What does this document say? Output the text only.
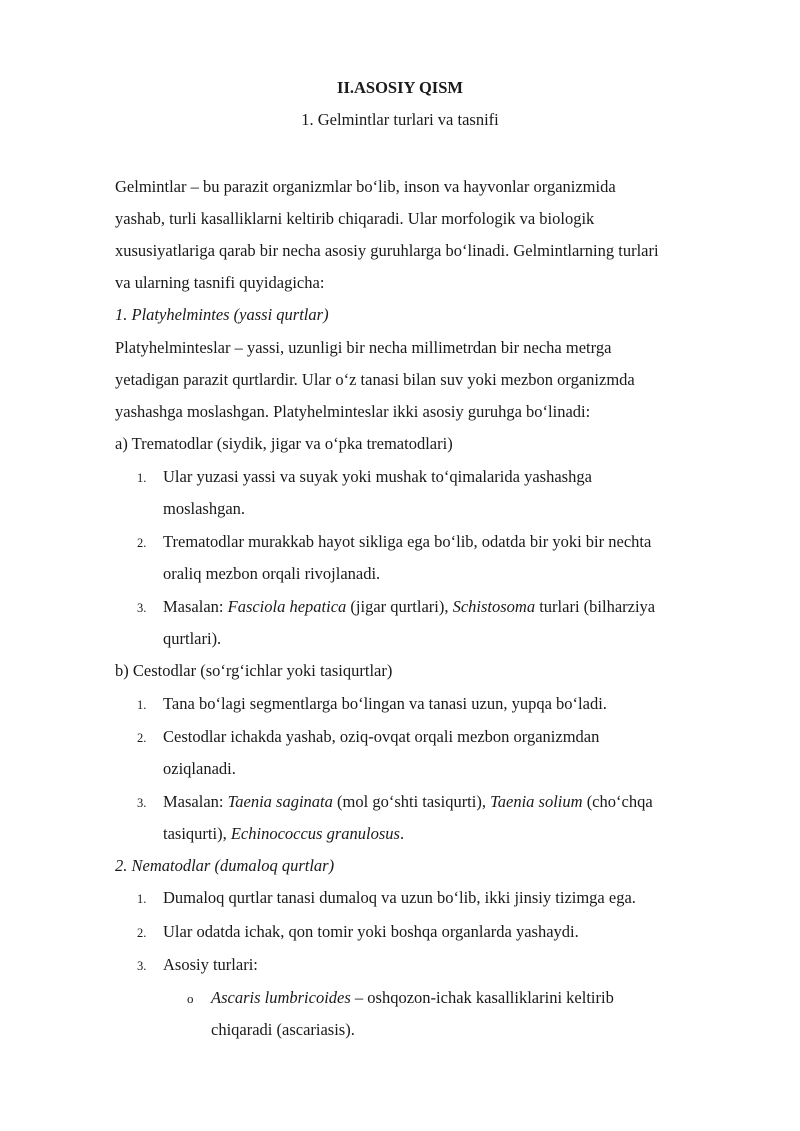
II.ASOSIY QISM
1. Gelmintlar turlari va tasnifi
Gelmintlar – bu parazit organizmlar boʻlib, inson va hayvonlar organizmida
yashab, turli kasalliklarni keltirib chiqaradi. Ular morfologik va biologik
xususiyatlariga qarab bir necha asosiy guruhlarga boʻlinadi. Gelmintlarning turlari
va ularning tasnifi quyidagicha:
1. Platyhelmintes (yassi qurtlar)
Platyhelminteslar – yassi, uzunligi bir necha millimetrdan bir necha metrga
yetadigan parazit qurtlardir. Ular oʻz tanasi bilan suv yoki mezbon organizmda
yashashga moslashgan. Platyhelminteslar ikki asosiy guruhga boʻlinadi:
a) Trematodlar (siydik, jigar va oʻpka trematodlari)
1. Ular yuzasi yassi va suyak yoki mushak toʻqimalarida yashashga
moslashgan.
2. Trematodlar murakkab hayot sikliga ega boʻlib, odatda bir yoki bir nechta
oraliq mezbon orqali rivojlanadi.
3. Masalan: Fasciola hepatica (jigar qurtlari), Schistosoma turlari (bilharziya
qurtlari).
b) Cestodlar (soʻrgʻichlar yoki tasiqurtlar)
1. Tana boʻlagi segmentlarga boʻlingan va tanasi uzun, yupqa boʻladi.
2. Cestodlar ichakda yashab, oziq-ovqat orqali mezbon organizmdan
oziqlanadi.
3. Masalan: Taenia saginata (mol goʻshti tasiqurti), Taenia solium (choʻchqa
tasiqurti), Echinococcus granulosus.
2. Nematodlar (dumaloq qurtlar)
1. Dumaloq qurtlar tanasi dumaloq va uzun boʻlib, ikki jinsiy tizimga ega.
2. Ular odatda ichak, qon tomir yoki boshqa organlarda yashaydi.
3. Asosiy turlari:
o Ascaris lumbricoides – oshqozon-ichak kasalliklarini keltirib
chiqaradi (ascariasis).
